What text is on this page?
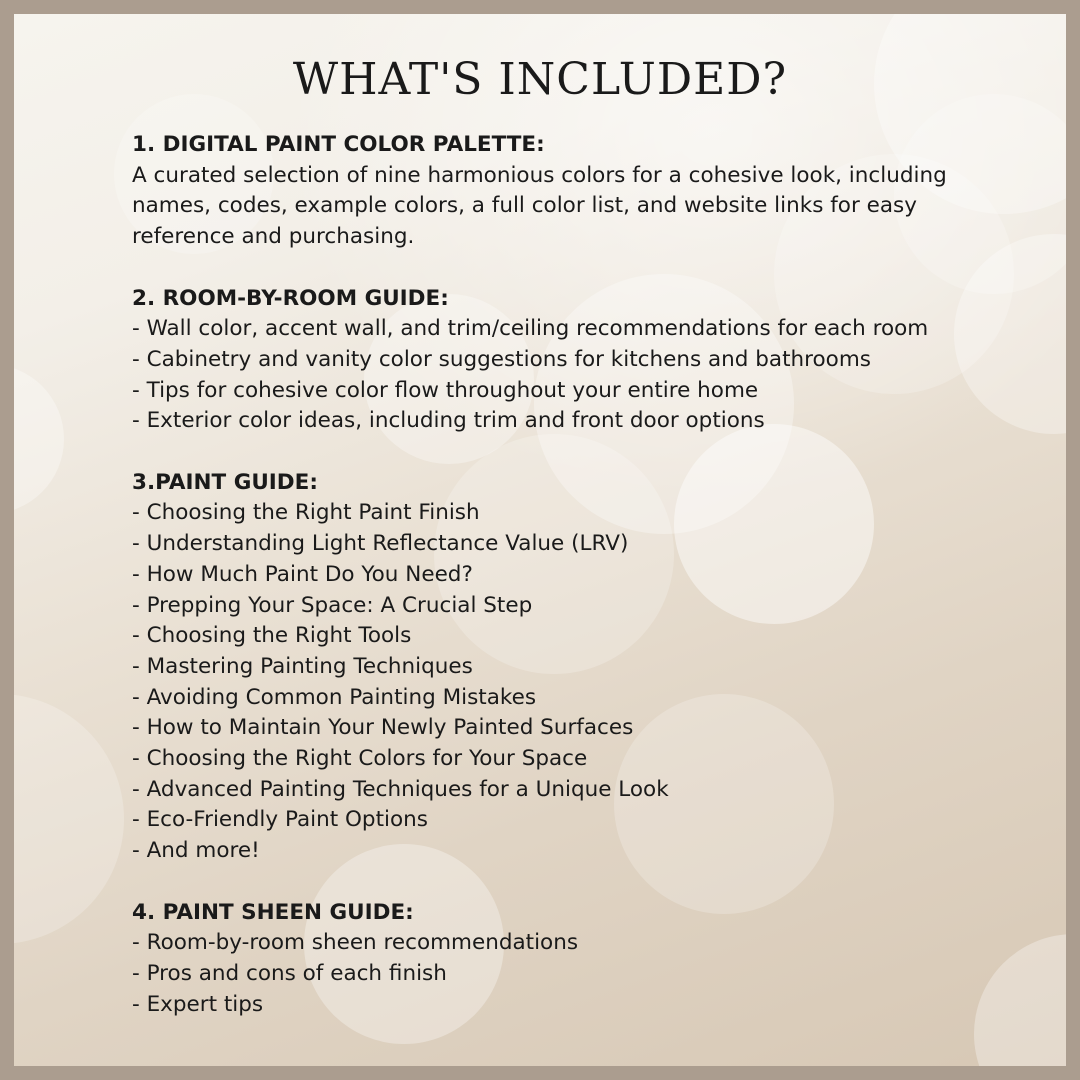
WHAT'S INCLUDED?
1. DIGITAL PAINT COLOR PALETTE:
A curated selection of nine harmonious colors for a cohesive look, including names, codes, example colors, a full color list, and website links for easy reference and purchasing.
2. ROOM-BY-ROOM GUIDE:
- Wall color, accent wall, and trim/ceiling recommendations for each room
- Cabinetry and vanity color suggestions for kitchens and bathrooms
- Tips for cohesive color flow throughout your entire home
- Exterior color ideas, including trim and front door options
3.PAINT GUIDE:
- Choosing the Right Paint Finish
- Understanding Light Reflectance Value (LRV)
- How Much Paint Do You Need?
- Prepping Your Space: A Crucial Step
- Choosing the Right Tools
- Mastering Painting Techniques
- Avoiding Common Painting Mistakes
- How to Maintain Your Newly Painted Surfaces
- Choosing the Right Colors for Your Space
- Advanced Painting Techniques for a Unique Look
- Eco-Friendly Paint Options
- And more!
4. PAINT SHEEN GUIDE:
- Room-by-room sheen recommendations
- Pros and cons of each finish
- Expert tips
